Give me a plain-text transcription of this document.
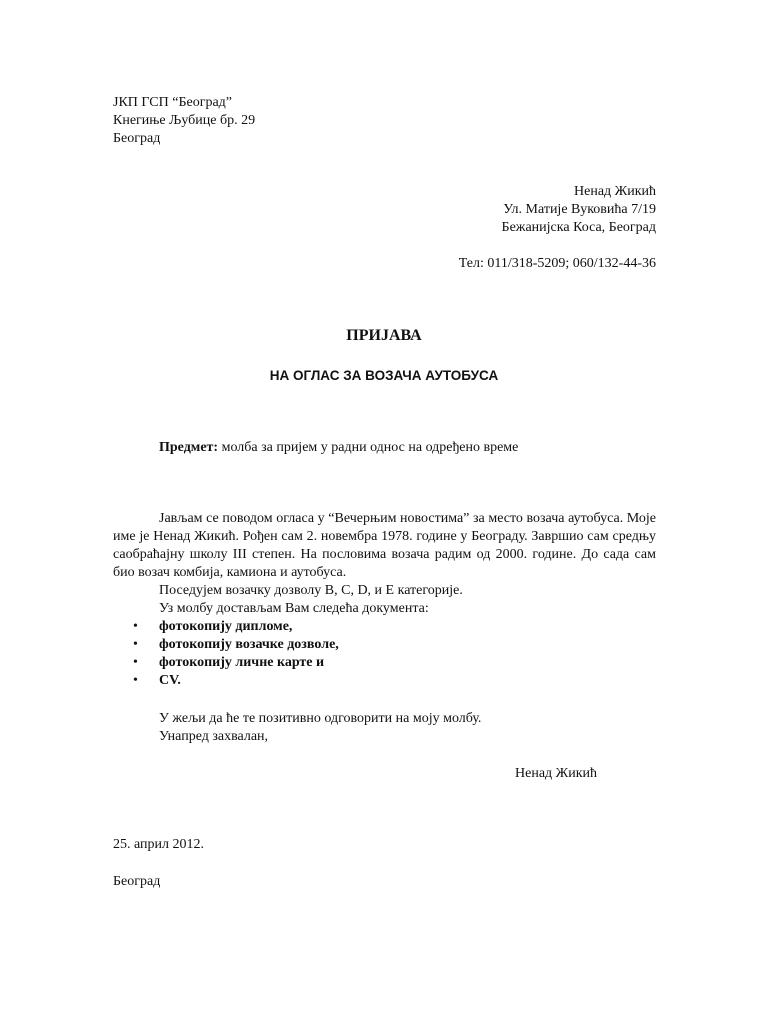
ЈКП ГСП “Београд”
Кнегиње Љубице бр. 29
Београд
Ненад Жикић
Ул. Матије Вуковића 7/19
Бежанијска Коса, Београд
Тел: 011/318-5209; 060/132-44-36
ПРИЈАВА
НА ОГЛАС ЗА ВОЗАЧА АУТОБУСА
Предмет: молба за пријем у радни однос на одређено време

Јављам се поводом огласа у “Вечерњим новостима” за место возача аутобуса. Моје име је Ненад Жикић. Рођен сам 2. новембра 1978. године у Београду. Завршио сам средњу саобраћајну школу III степен. На пословима возача радим од 2000. године. До сада сам био возач комбија, камиона и аутобуса.

Поседујем возачку дозволу B, C, D, и E категорије.
Уз молбу достављам Вам следећа документа:
• фотокопију дипломе,
• фотокопију возачке дозволе,
• фотокопију личне карте и
• CV.
У жељи да ће те позитивно одговорити на мoју молбу.
Унапред захвалан,
Ненад Жикић
25. април 2012.
Београд
